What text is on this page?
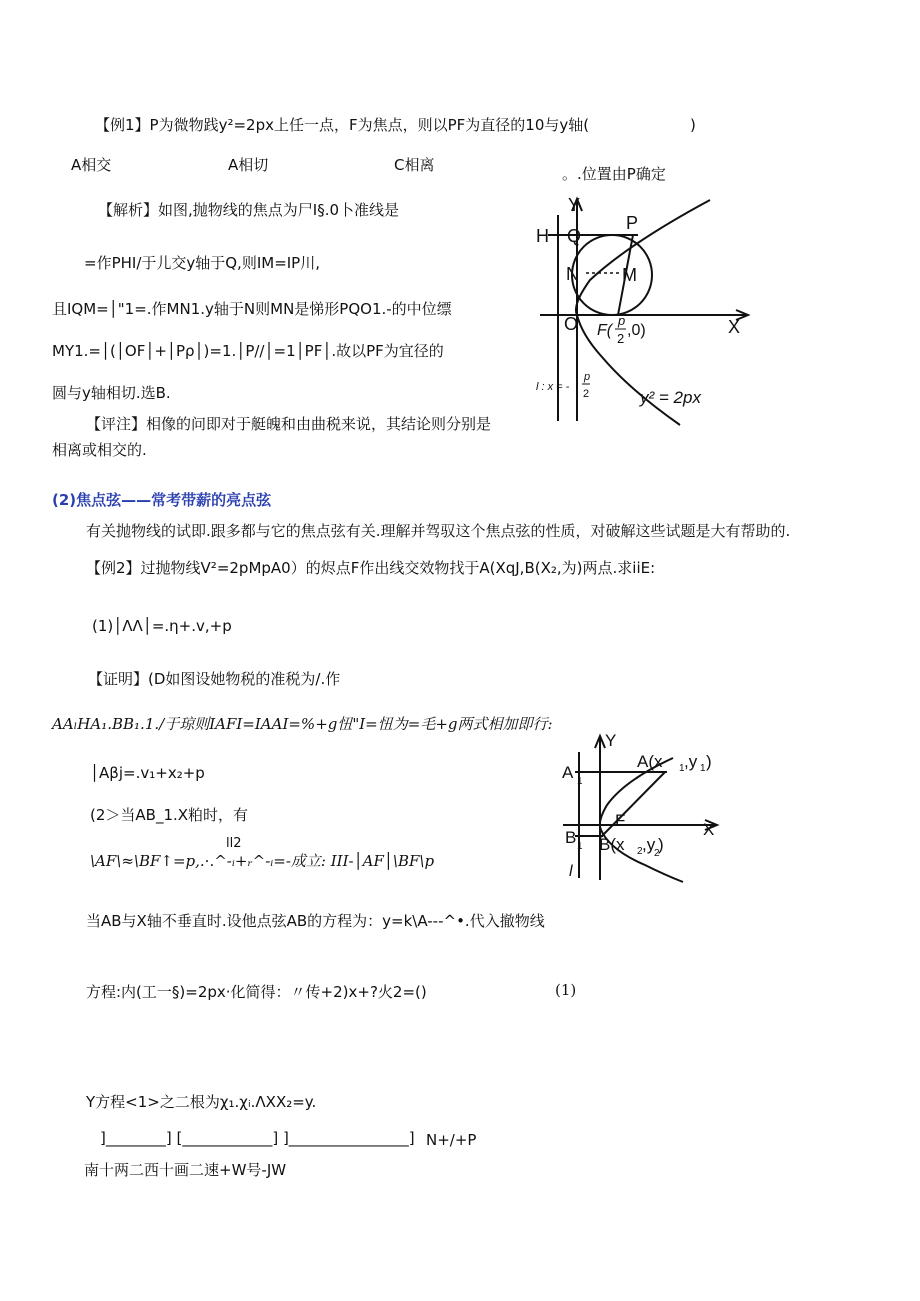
【例1】P为微物践y²=2px上任一点，F为焦点，则以PF为直径的10与y轴(	)
A相交	A相切	C相离	。.位置由P确定
【解析】如图,抛物线的焦点为尸I§.0卜准线是
=作PHI/于儿交y轴于Q,则IM=IP川,
且IQM=│"1=.作MN1.y轴于N则MN是悌形PQO1.-的中位缥
MY1.=│(│OF│+│Pρ│)=1.│P//│=1│PF│.故以PF为宜径的
圆与y轴相切.选B.
【评注】相像的问即对于艇魄和由曲税来说，其结论则分别是
相离或相交的.
Y
H Q
P
N M
O	X
F(
p
2 ,0)
l : x = -
p
2	y² = 2px
(2)焦点弦——常考带薪的亮点弦
有关抛物线的试即.跟多都与它的焦点弦有关.理解并驾驭这个焦点弦的性质，对破解这些试题是大有帮助的.
【例2】过抛物线V²=2pMpA0）的烬点F作出线交效物找于A(XqJ,B(X₂,为)两点.求iiE:
(1)│ΛΛ│=.η+.v,+p
【证明】(D如图设她物税的准税为/.作
AAₗHA₁.BB₁.1./于琼则IAFI=IAAI=%+g忸"I=忸为=毛+g两式相加即行:
│Aβj=.v₁+x₂+p
(2＞当AB_1.X粕时，有
ll2
\AF\≈\BF↑=p,.·.^-ᵢ+ᵣ^-ᵢ=-成立: III-│AF│\BF\p
当AB与X轴不垂直时.设他点弦AB的方程为：y=k\A---^•.代入撤物线
方程:内(工一§)=2px·化简得：〃传+2)x+?火2=()	(1)
Y方程<1>之二根为χ₁.χᵢ.ΛXX₂=y.
]________] [____________] ]________________] N+/+P
南十两二西十画二速+W号-JW
Y
A 1
A(x 1 ,y 1 )
F	X
B 1 B(x 2 ,y
2
)
l
